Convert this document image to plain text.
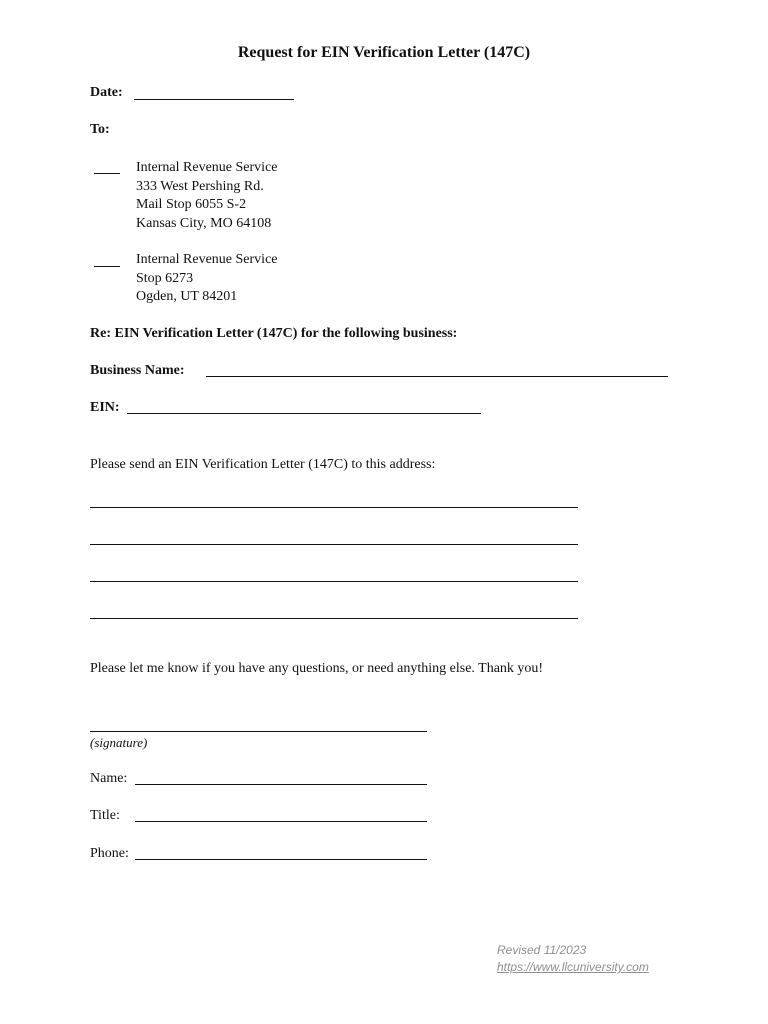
Request for EIN Verification Letter (147C)
Date:
To:
Internal Revenue Service
333 West Pershing Rd.
Mail Stop 6055 S-2
Kansas City, MO 64108
Internal Revenue Service
Stop 6273
Ogden, UT 84201
Re: EIN Verification Letter (147C) for the following business:
Business Name:
EIN:
Please send an EIN Verification Letter (147C) to this address:
Please let me know if you have any questions, or need anything else. Thank you!
(signature)
Name:
Title:
Phone:
Revised 11/2023
https://www.llcuniversity.com
